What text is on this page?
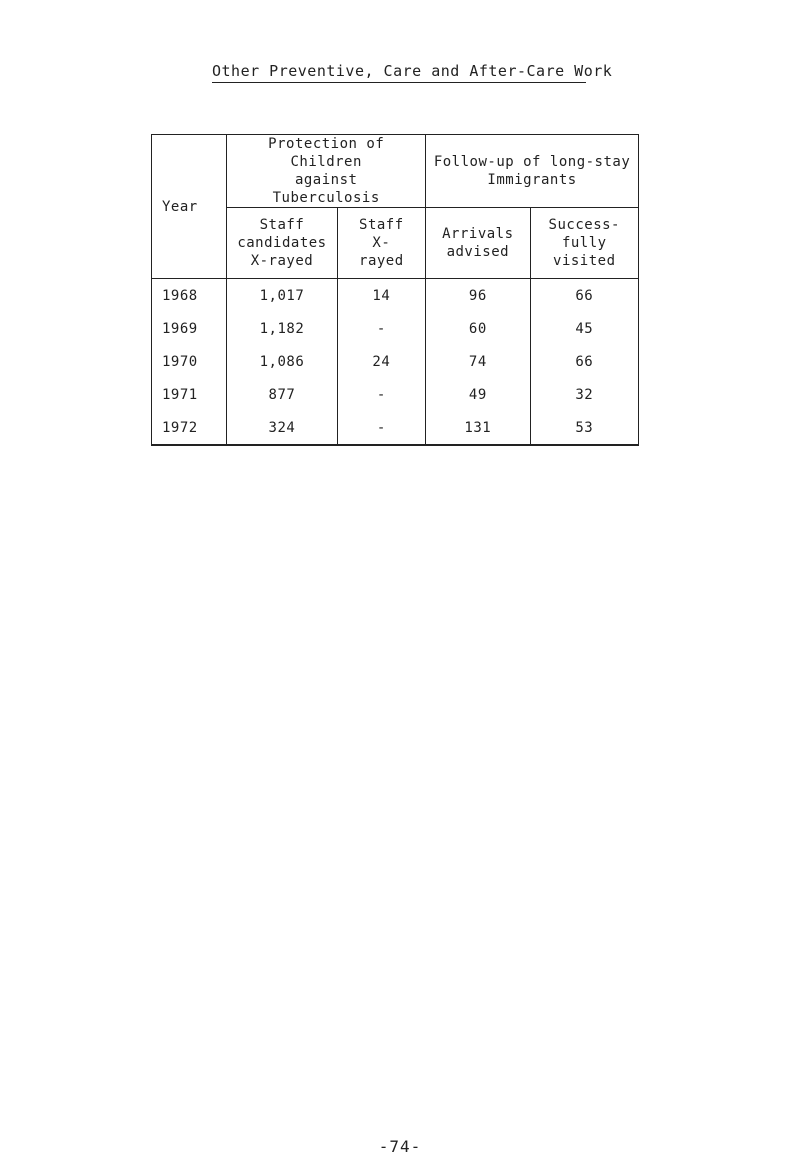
Other Preventive, Care and After-Care Work
Year	Protection of Children against Tuberculosis		Follow-up of long-stay Immigrants	
	Staff candidates X-rayed	Staff X-rayed	Arrivals advised	Success-fully visited
1968	1,017	14	96	66
1969	1,182	-	60	45
1970	1,086	24	74	66
1971	877	-	49	32
1972	324	-	131	53
-74-
